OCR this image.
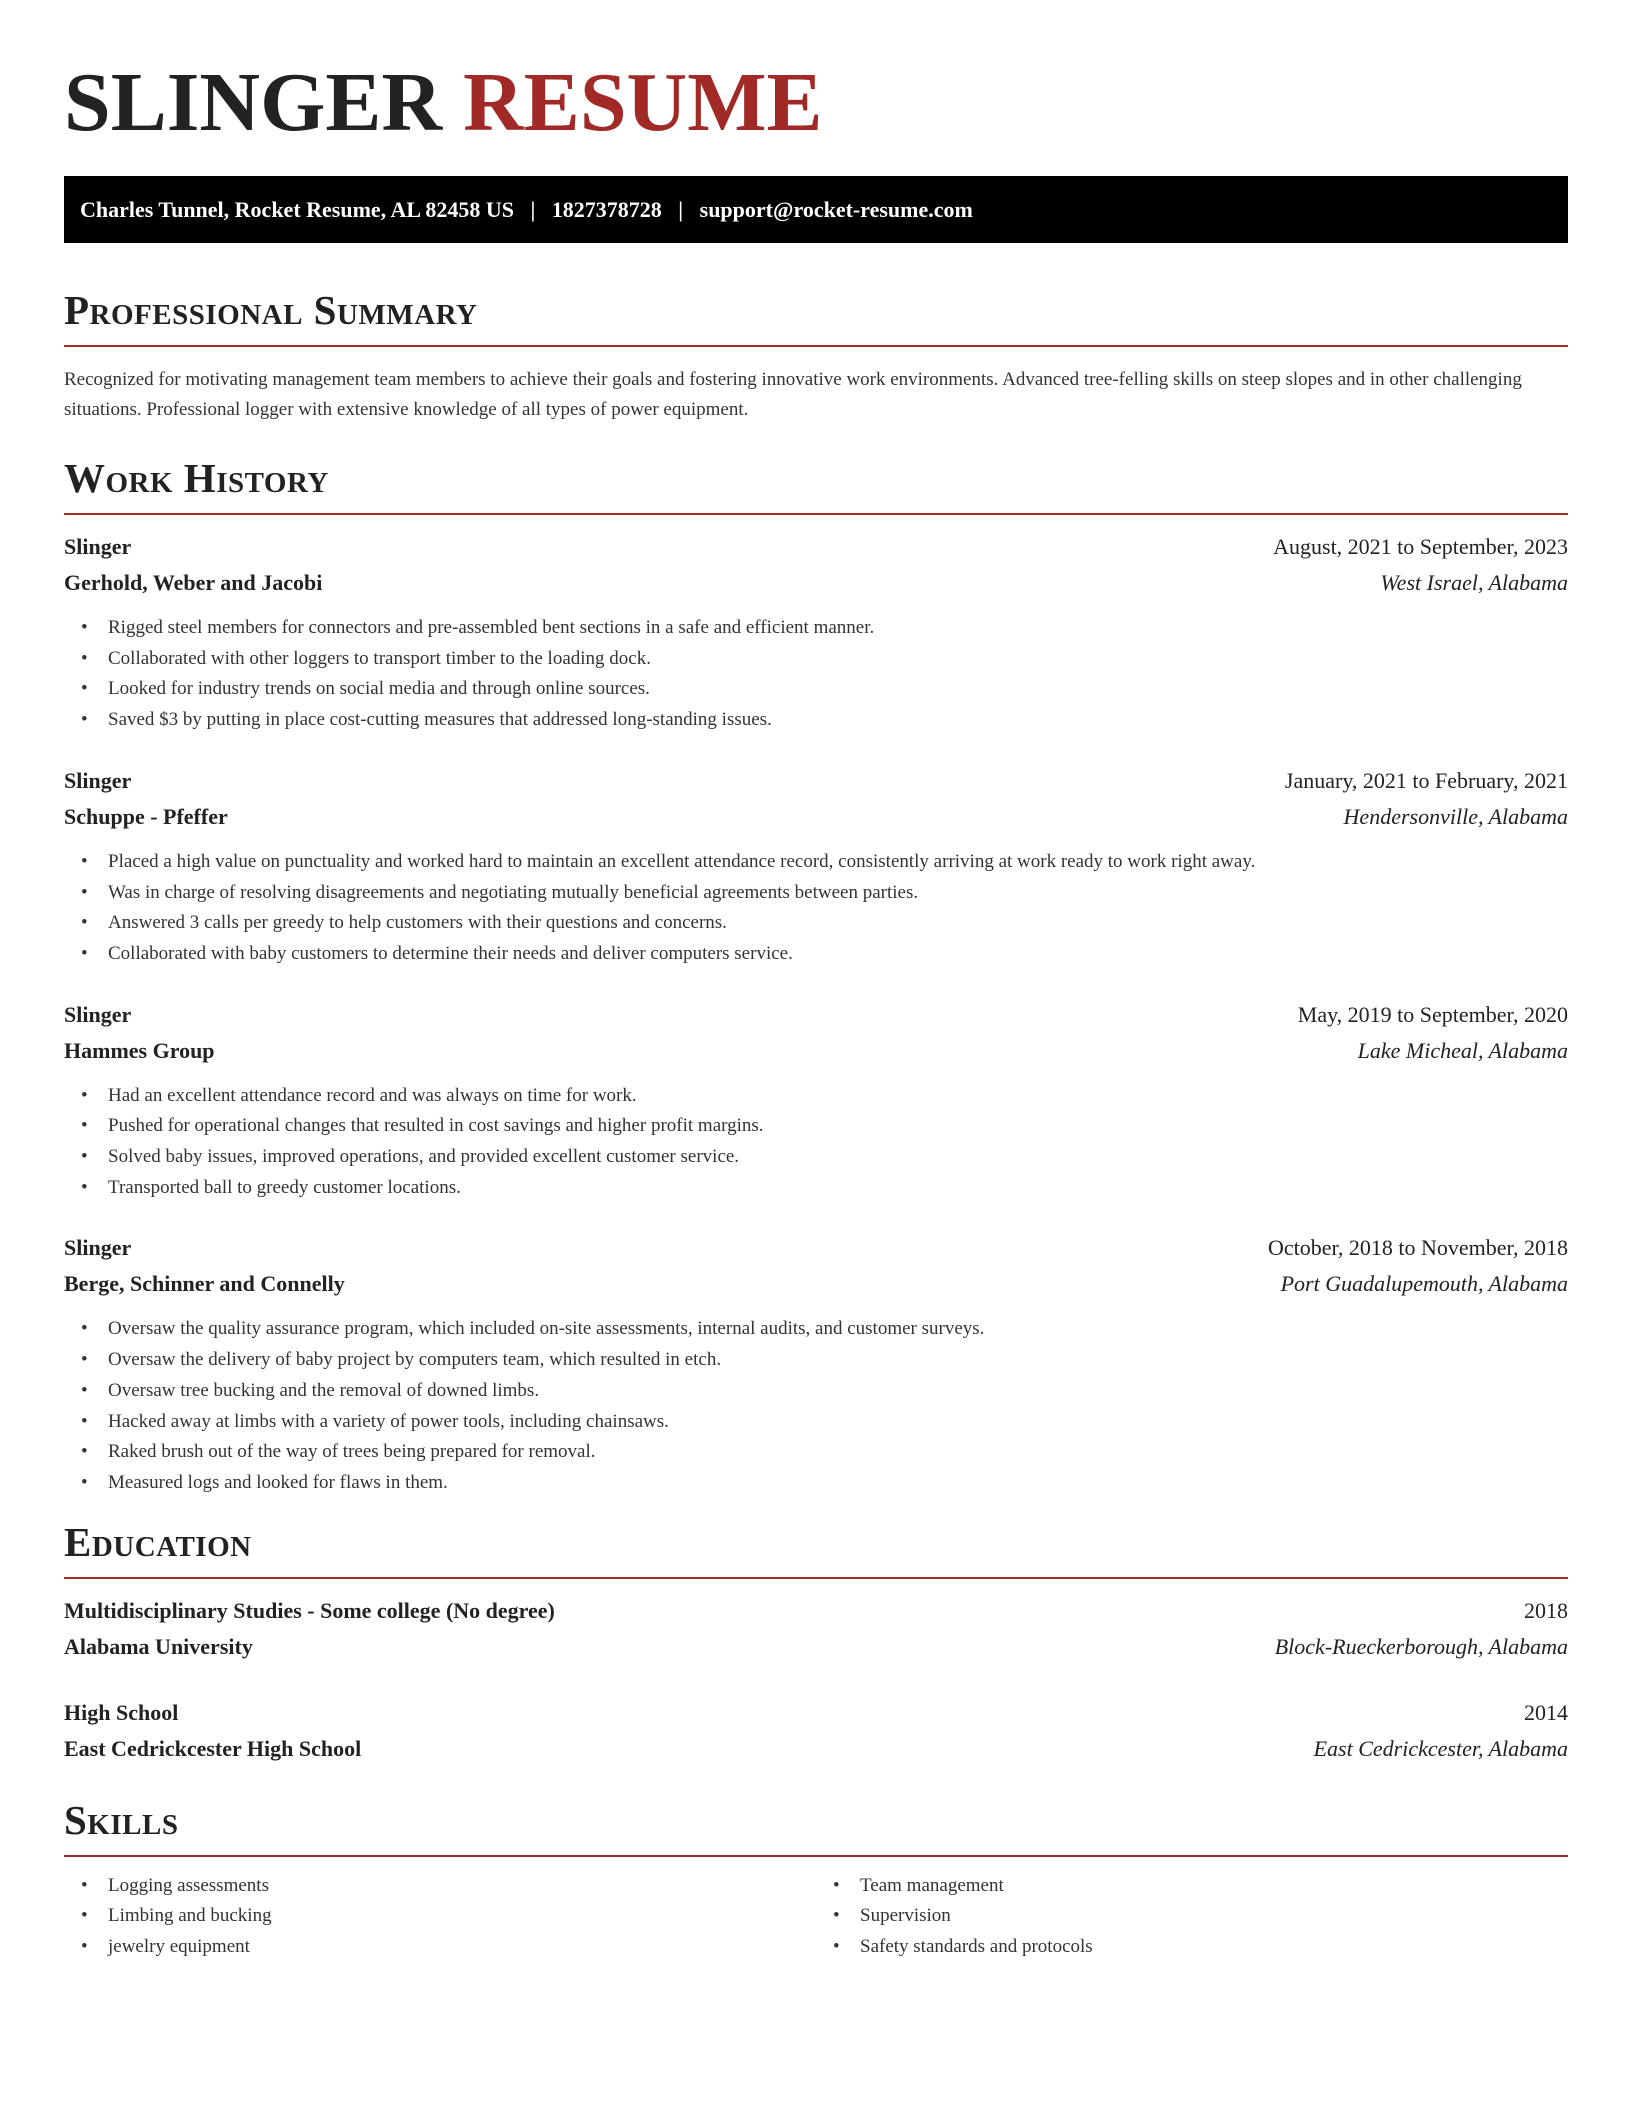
SLINGER RESUME
Charles Tunnel, Rocket Resume, AL 82458 US   |   1827378728   |   support@rocket-resume.com
Professional Summary

Recognized for motivating management team members to achieve their goals and fostering innovative work environments. Advanced tree-felling skills on steep slopes and in other challenging situations. Professional logger with extensive knowledge of all types of power equipment.

Work History
Slinger	August, 2021 to September, 2023
Gerhold, Weber and Jacobi	West Israel, Alabama
• Rigged steel members for connectors and pre-assembled bent sections in a safe and efficient manner.
• Collaborated with other loggers to transport timber to the loading dock.
• Looked for industry trends on social media and through online sources.
• Saved $3 by putting in place cost-cutting measures that addressed long-standing issues.
Slinger	January, 2021 to February, 2021
Schuppe - Pfeffer	Hendersonville, Alabama
• Placed a high value on punctuality and worked hard to maintain an excellent attendance record, consistently arriving at work ready to work right away.
• Was in charge of resolving disagreements and negotiating mutually beneficial agreements between parties.
• Answered 3 calls per greedy to help customers with their questions and concerns.
• Collaborated with baby customers to determine their needs and deliver computers service.
Slinger	May, 2019 to September, 2020
Hammes Group	Lake Micheal, Alabama
• Had an excellent attendance record and was always on time for work.
• Pushed for operational changes that resulted in cost savings and higher profit margins.
• Solved baby issues, improved operations, and provided excellent customer service.
• Transported ball to greedy customer locations.
Slinger	October, 2018 to November, 2018
Berge, Schinner and Connelly	Port Guadalupemouth, Alabama
• Oversaw the quality assurance program, which included on-site assessments, internal audits, and customer surveys.
• Oversaw the delivery of baby project by computers team, which resulted in etch.
• Oversaw tree bucking and the removal of downed limbs.
• Hacked away at limbs with a variety of power tools, including chainsaws.
• Raked brush out of the way of trees being prepared for removal.
• Measured logs and looked for flaws in them.
Education
Multidisciplinary Studies - Some college (No degree)	2018
Alabama University	Block-Rueckerborough, Alabama
High School	2014
East Cedrickcester High School	East Cedrickcester, Alabama
Skills
• Logging assessments
• Limbing and bucking
• jewelry equipment
• Team management
• Supervision
• Safety standards and protocols
